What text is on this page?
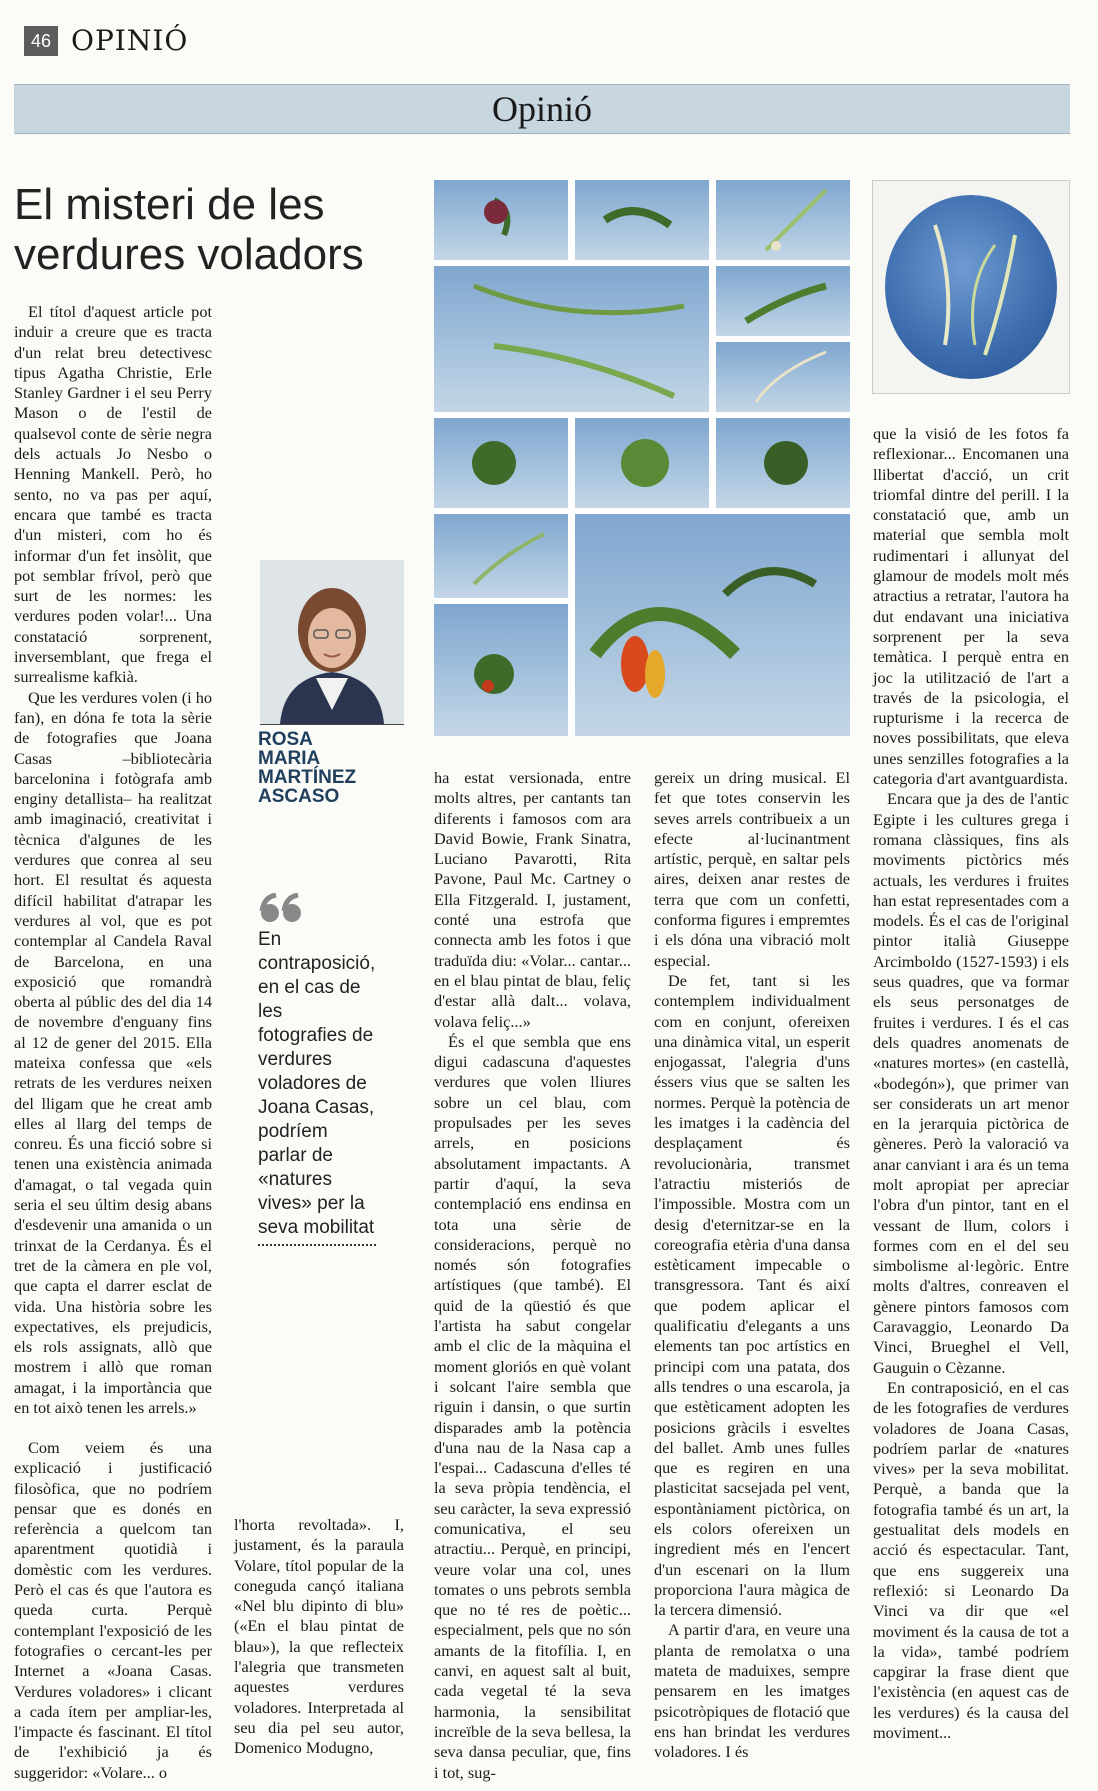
46 OPINIÓ
Opinió
El misteri de les verdures voladors

El títol d'aquest article pot induir a creure que es tracta d'un relat breu detectivesc tipus Agatha Christie, Erle Stanley Gardner i el seu Perry Mason o de l'estil de qualsevol conte de sèrie negra dels actuals Jo Nesbo o Henning Mankell. Però, ho sento, no va pas per aquí, encara que també es tracta d'un misteri, com ho és informar d'un fet insòlit, que pot semblar frívol, però que surt de les normes: les verdures poden volar!... Una constatació sorprenent, inversemblant, que frega el surrealisme kafkià.

Que les verdures volen (i ho fan), en dóna fe tota la sèrie de fotografies que Joana Casas –bibliotecària barcelonina i fotògrafa amb enginy detallista– ha realitzat amb imaginació, creativitat i tècnica d'algunes de les verdures que conrea al seu hort. El resultat és aquesta difícil habilitat d'atrapar les verdures al vol, que es pot contemplar al Candela Raval de Barcelona, en una exposició que romandrà oberta al públic des del dia 14 de novembre d'enguany fins al 12 de gener del 2015. Ella mateixa confessa que «els retrats de les verdures neixen del lligam que he creat amb elles al llarg del temps de conreu. És una ficció sobre si tenen una existència animada d'amagat, o tal vegada quin seria el seu últim desig abans d'esdevenir una amanida o un trinxat de la Cerdanya. És el tret de la càmera en ple vol, que capta el darrer esclat de vida. Una història sobre les expectatives, els prejudicis, els rols assignats, allò que mostrem i allò que roman amagat, i la importància que en tot això tenen les arrels.»

Com veiem és una explicació i justificació filosòfica, que no podríem pensar que es donés en referència a quelcom tan aparentment quotidià i domèstic com les verdures. Però el cas és que l'autora es queda curta. Perquè contemplant l'exposició de les fotografies o cercant-les per Internet a «Joana Casas. Verdures voladores» i clicant a cada ítem per ampliar-les, l'impacte és fascinant. El títol de l'exhibició ja és suggeridor: «Volare... o

ROSA
MARIA
MARTÍNEZ
ASCASO
En contraposició, en el cas de les fotografies de verdures voladores de Joana Casas, podríem parlar de «natures vives» per la seva mobilitat

l'horta revoltada». I, justament, és la paraula Volare, títol popular de la coneguda cançó italiana «Nel blu dipinto di blu» («En el blau pintat de blau»), la que reflecteix l'alegria que transmeten aquestes verdures voladores. Interpretada al seu dia pel seu autor, Domenico Modugno,

ha estat versionada, entre molts altres, per cantants tan diferents i famosos com ara David Bowie, Frank Sinatra, Luciano Pavarotti, Rita Pavone, Paul Mc. Cartney o Ella Fitzgerald. I, justament, conté una estrofa que connecta amb les fotos i que traduïda diu: «Volar... cantar... en el blau pintat de blau, feliç d'estar allà dalt... volava, volava feliç...»

És el que sembla que ens digui cadascuna d'aquestes verdures que volen lliures sobre un cel blau, com propulsades per les seves arrels, en posicions absolutament impactants. A partir d'aquí, la seva contemplació ens endinsa en tota una sèrie de consideracions, perquè no només són fotografies artístiques (que també). El quid de la qüestió és que l'artista ha sabut congelar amb el clic de la màquina el moment gloriós en què volant i solcant l'aire sembla que riguin i dansin, o que surtin disparades amb la potència d'una nau de la Nasa cap a l'espai... Cadascuna d'elles té la seva pròpia tendència, el seu caràcter, la seva expressió comunicativa, el seu atractiu... Perquè, en principi, veure volar una col, unes tomates o uns pebrots sembla que no té res de poètic... especialment, pels que no són amants de la fitofília. I, en canvi, en aquest salt al buit, cada vegetal té la seva harmonia, la sensibilitat increïble de la seva bellesa, la seva dansa peculiar, que, fins i tot, sug-

gereix un dring musical. El fet que totes conservin les seves arrels contribueix a un efecte al·lucinantment artístic, perquè, en saltar pels aires, deixen anar restes de terra que com un confetti, conforma figures i empremtes i els dóna una vibració molt especial.

De fet, tant si les contemplem individualment com en conjunt, ofereixen una dinàmica vital, un esperit enjogassat, l'alegria d'uns éssers vius que se salten les normes. Perquè la potència de les imatges i la cadència del desplaçament és revolucionària, transmet l'atractiu misteriós de l'impossible. Mostra com un desig d'eternitzar-se en la coreografia etèria d'una dansa estèticament impecable o transgressora. Tant és així que podem aplicar el qualificatiu d'elegants a uns elements tan poc artístics en principi com una patata, dos alls tendres o una escarola, ja que estèticament adopten les posicions gràcils i esveltes del ballet. Amb unes fulles que es regiren en una plasticitat sacsejada pel vent, espontàniament pictòrica, on els colors ofereixen un ingredient més en l'encert d'un escenari on la llum proporciona l'aura màgica de la tercera dimensió.

A partir d'ara, en veure una planta de remolatxa o una mateta de maduixes, sempre pensarem en les imatges psicotròpiques de flotació que ens han brindat les verdures voladores. I és

que la visió de les fotos fa reflexionar... Encomanen una llibertat d'acció, un crit triomfal dintre del perill. I la constatació que, amb un material que sembla molt rudimentari i allunyat del glamour de models molt més atractius a retratar, l'autora ha dut endavant una iniciativa sorprenent per la seva temàtica. I perquè entra en joc la utilització de l'art a través de la psicologia, el rupturisme i la recerca de noves possibilitats, que eleva unes senzilles fotografies a la categoria d'art avantguardista.

Encara que ja des de l'antic Egipte i les cultures grega i romana clàssiques, fins als moviments pictòrics més actuals, les verdures i fruites han estat representades com a models. És el cas de l'original pintor italià Giuseppe Arcimboldo (1527-1593) i els seus quadres, que va formar els seus personatges de fruites i verdures. I és el cas dels quadres anomenats de «natures mortes» (en castellà, «bodegón»), que primer van ser considerats un art menor en la jerarquia pictòrica de gèneres. Però la valoració va anar canviant i ara és un tema molt apropiat per apreciar l'obra d'un pintor, tant en el vessant de llum, colors i formes com en el del seu simbolisme al·legòric. Entre molts d'altres, conreaven el gènere pintors famosos com Caravaggio, Leonardo Da Vinci, Brueghel el Vell, Gauguin o Cèzanne.

En contraposició, en el cas de les fotografies de verdures voladores de Joana Casas, podríem parlar de «natures vives» per la seva mobilitat. Perquè, a banda que la fotografia també és un art, la gestualitat dels models en acció és espectacular. Tant, que ens suggereix una reflexió: si Leonardo Da Vinci va dir que «el moviment és la causa de tot a la vida», també podríem capgirar la frase dient que l'existència (en aquest cas de les verdures) és la causa del moviment...
